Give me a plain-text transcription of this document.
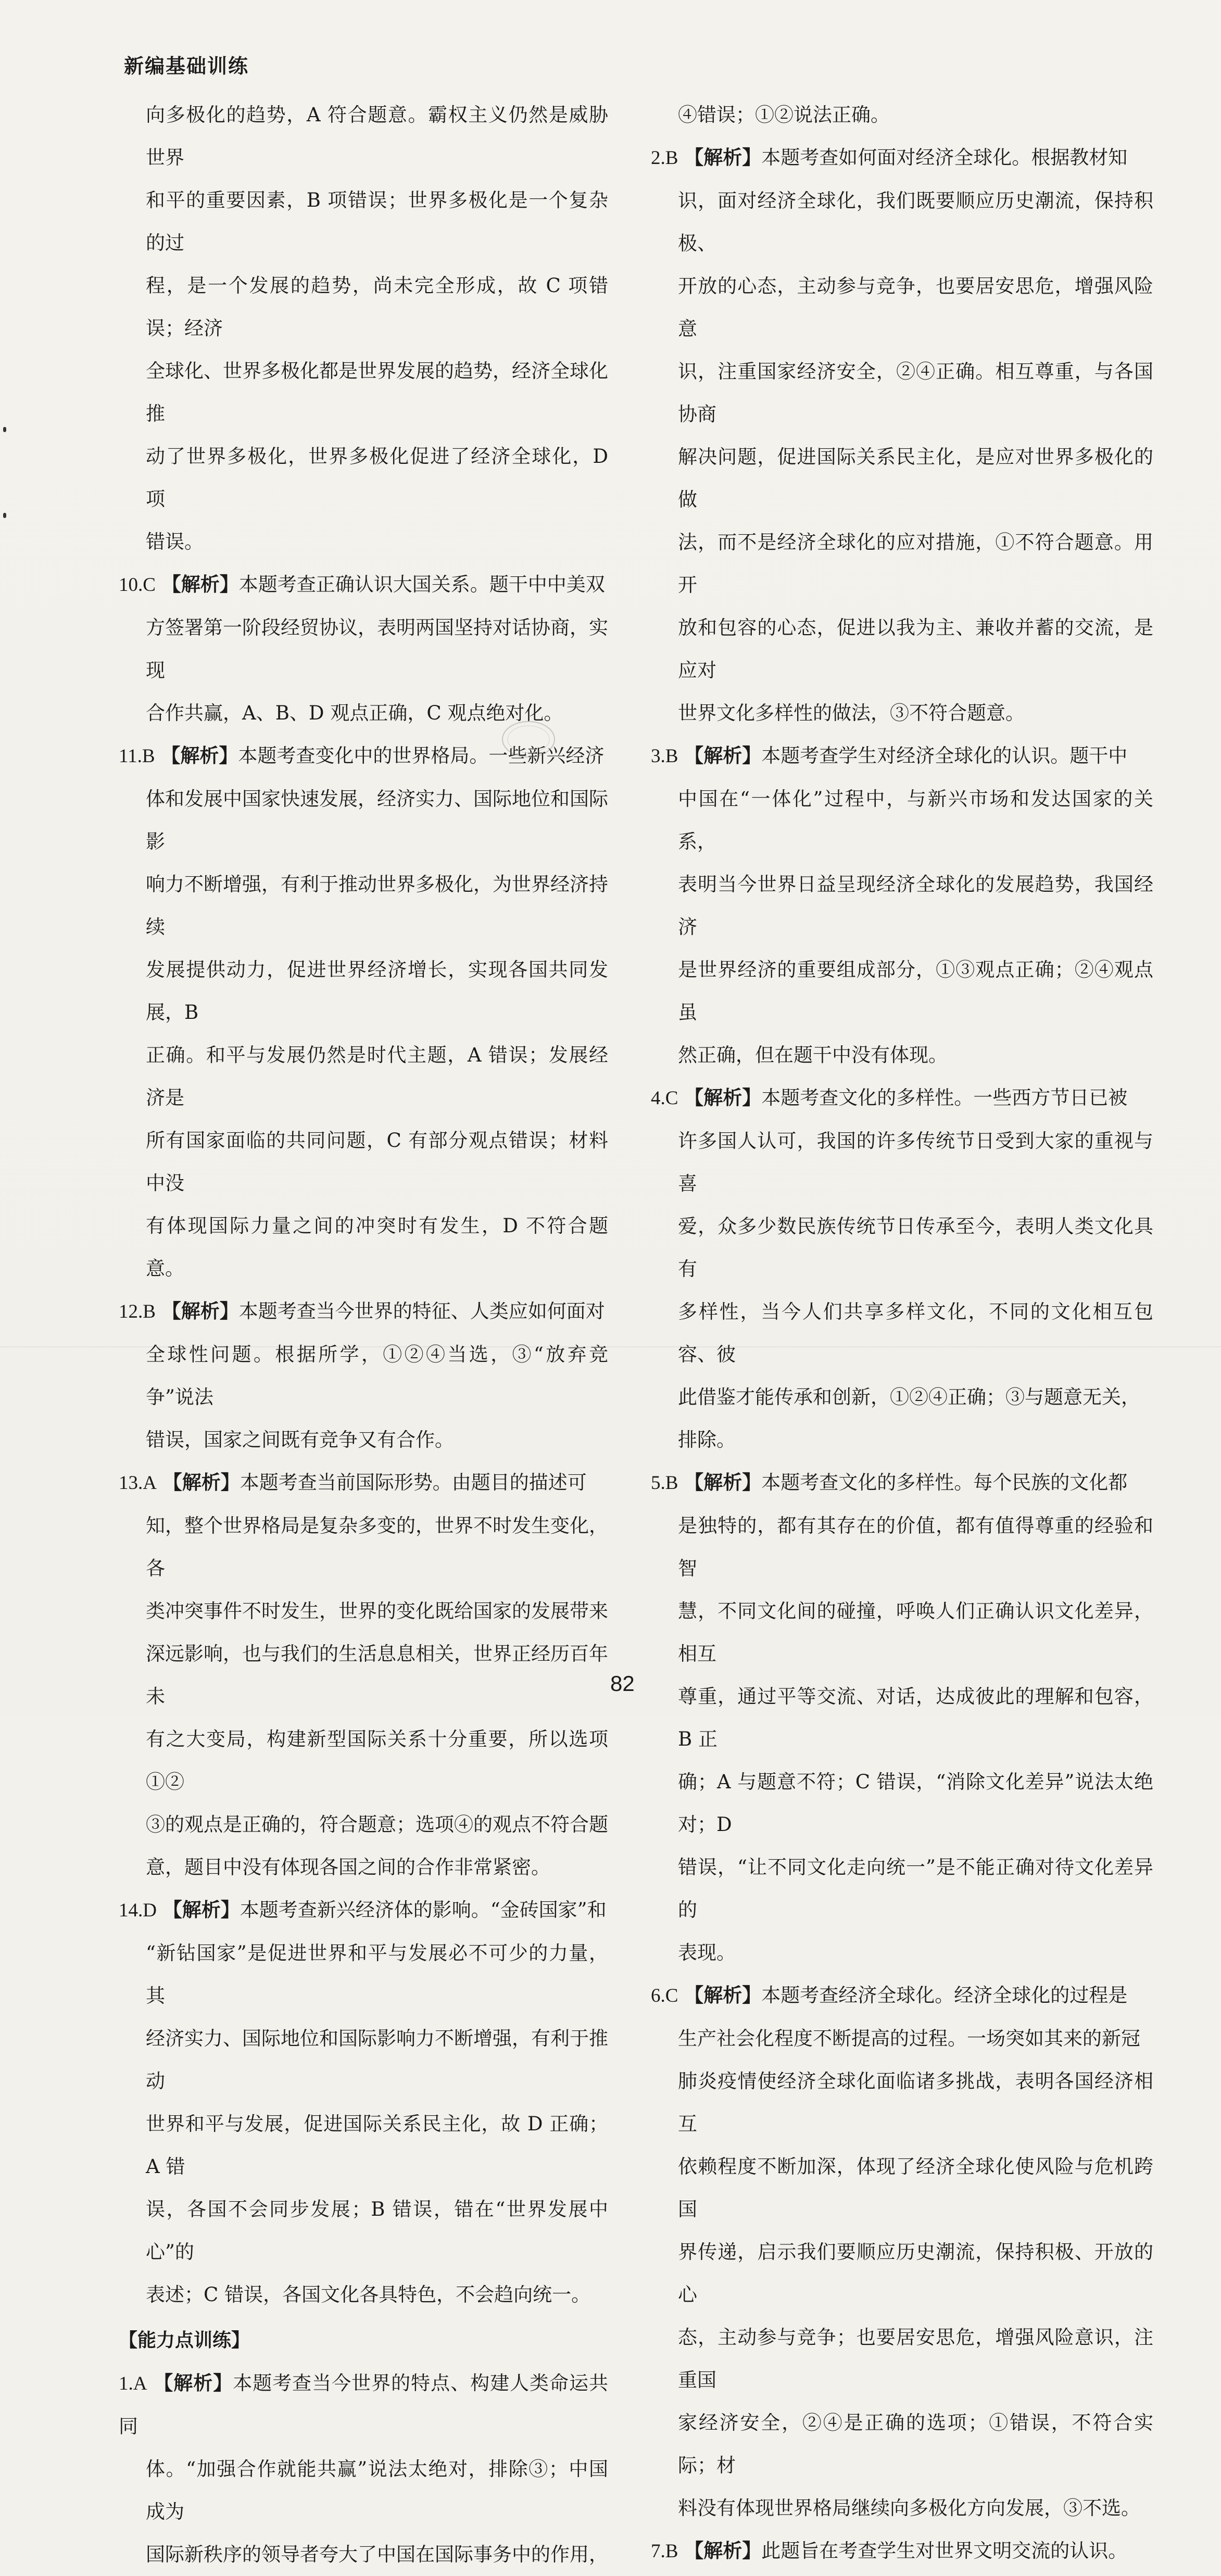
新编基础训练
向多极化的趋势，A 符合题意。霸权主义仍然是威胁世界
和平的重要因素，B 项错误；世界多极化是一个复杂的过
程，是一个发展的趋势，尚未完全形成，故 C 项错误；经济
全球化、世界多极化都是世界发展的趋势，经济全球化推
动了世界多极化，世界多极化促进了经济全球化，D 项
错误。
10.C 【解析】本题考查正确认识大国关系。题干中中美双
方签署第一阶段经贸协议，表明两国坚持对话协商，实现
合作共赢，A、B、D 观点正确，C 观点绝对化。
11.B 【解析】本题考查变化中的世界格局。一些新兴经济
体和发展中国家快速发展，经济实力、国际地位和国际影
响力不断增强，有利于推动世界多极化，为世界经济持续
发展提供动力，促进世界经济增长，实现各国共同发展，B
正确。和平与发展仍然是时代主题，A 错误；发展经济是
所有国家面临的共同问题，C 有部分观点错误；材料中没
有体现国际力量之间的冲突时有发生，D 不符合题意。
12.B 【解析】本题考查当今世界的特征、人类应如何面对
全球性问题。根据所学，①②④当选，③“放弃竞争”说法
错误，国家之间既有竞争又有合作。
13.A 【解析】本题考查当前国际形势。由题目的描述可
知，整个世界格局是复杂多变的，世界不时发生变化，各
类冲突事件不时发生，世界的变化既给国家的发展带来
深远影响，也与我们的生活息息相关，世界正经历百年未
有之大变局，构建新型国际关系十分重要，所以选项①②
③的观点是正确的，符合题意；选项④的观点不符合题
意，题目中没有体现各国之间的合作非常紧密。
14.D 【解析】本题考查新兴经济体的影响。“金砖国家”和
“新钻国家”是促进世界和平与发展必不可少的力量，其
经济实力、国际地位和国际影响力不断增强，有利于推动
世界和平与发展，促进国际关系民主化，故 D 正确；A 错
误，各国不会同步发展；B 错误，错在“世界发展中心”的
表述；C 错误，各国文化各具特色，不会趋向统一。
【能力点训练】
1.A 【解析】本题考查当今世界的特点、构建人类命运共同
体。“加强合作就能共赢”说法太绝对，排除③；中国成为
国际新秩序的领导者夸大了中国在国际事务中的作用，
④错误；①②说法正确。
2.B 【解析】本题考查如何面对经济全球化。根据教材知
识，面对经济全球化，我们既要顺应历史潮流，保持积极、
开放的心态，主动参与竞争，也要居安思危，增强风险意
识，注重国家经济安全，②④正确。相互尊重，与各国协商
解决问题，促进国际关系民主化，是应对世界多极化的做
法，而不是经济全球化的应对措施，①不符合题意。用开
放和包容的心态，促进以我为主、兼收并蓄的交流，是应对
世界文化多样性的做法，③不符合题意。
3.B 【解析】本题考查学生对经济全球化的认识。题干中
中国在“一体化”过程中，与新兴市场和发达国家的关系，
表明当今世界日益呈现经济全球化的发展趋势，我国经济
是世界经济的重要组成部分，①③观点正确；②④观点虽
然正确，但在题干中没有体现。
4.C 【解析】本题考查文化的多样性。一些西方节日已被
许多国人认可，我国的许多传统节日受到大家的重视与喜
爱，众多少数民族传统节日传承至今，表明人类文化具有
多样性，当今人们共享多样文化，不同的文化相互包容、彼
此借鉴才能传承和创新，①②④正确；③与题意无关，
排除。
5.B 【解析】本题考查文化的多样性。每个民族的文化都
是独特的，都有其存在的价值，都有值得尊重的经验和智
慧，不同文化间的碰撞，呼唤人们正确认识文化差异，相互
尊重，通过平等交流、对话，达成彼此的理解和包容，B 正
确；A 与题意不符；C 错误，“消除文化差异”说法太绝对；D
错误，“让不同文化走向统一”是不能正确对待文化差异的
表现。
6.C 【解析】本题考查经济全球化。经济全球化的过程是
生产社会化程度不断提高的过程。一场突如其来的新冠
肺炎疫情使经济全球化面临诸多挑战，表明各国经济相互
依赖程度不断加深，体现了经济全球化使风险与危机跨国
界传递，启示我们要顺应历史潮流，保持积极、开放的心
态，主动参与竞争；也要居安思危，增强风险意识，注重国
家经济安全，②④是正确的选项；①错误，不符合实际；材
料没有体现世界格局继续向多极化方向发展，③不选。
7.B 【解析】此题旨在考查学生对世界文明交流的认识。
82
